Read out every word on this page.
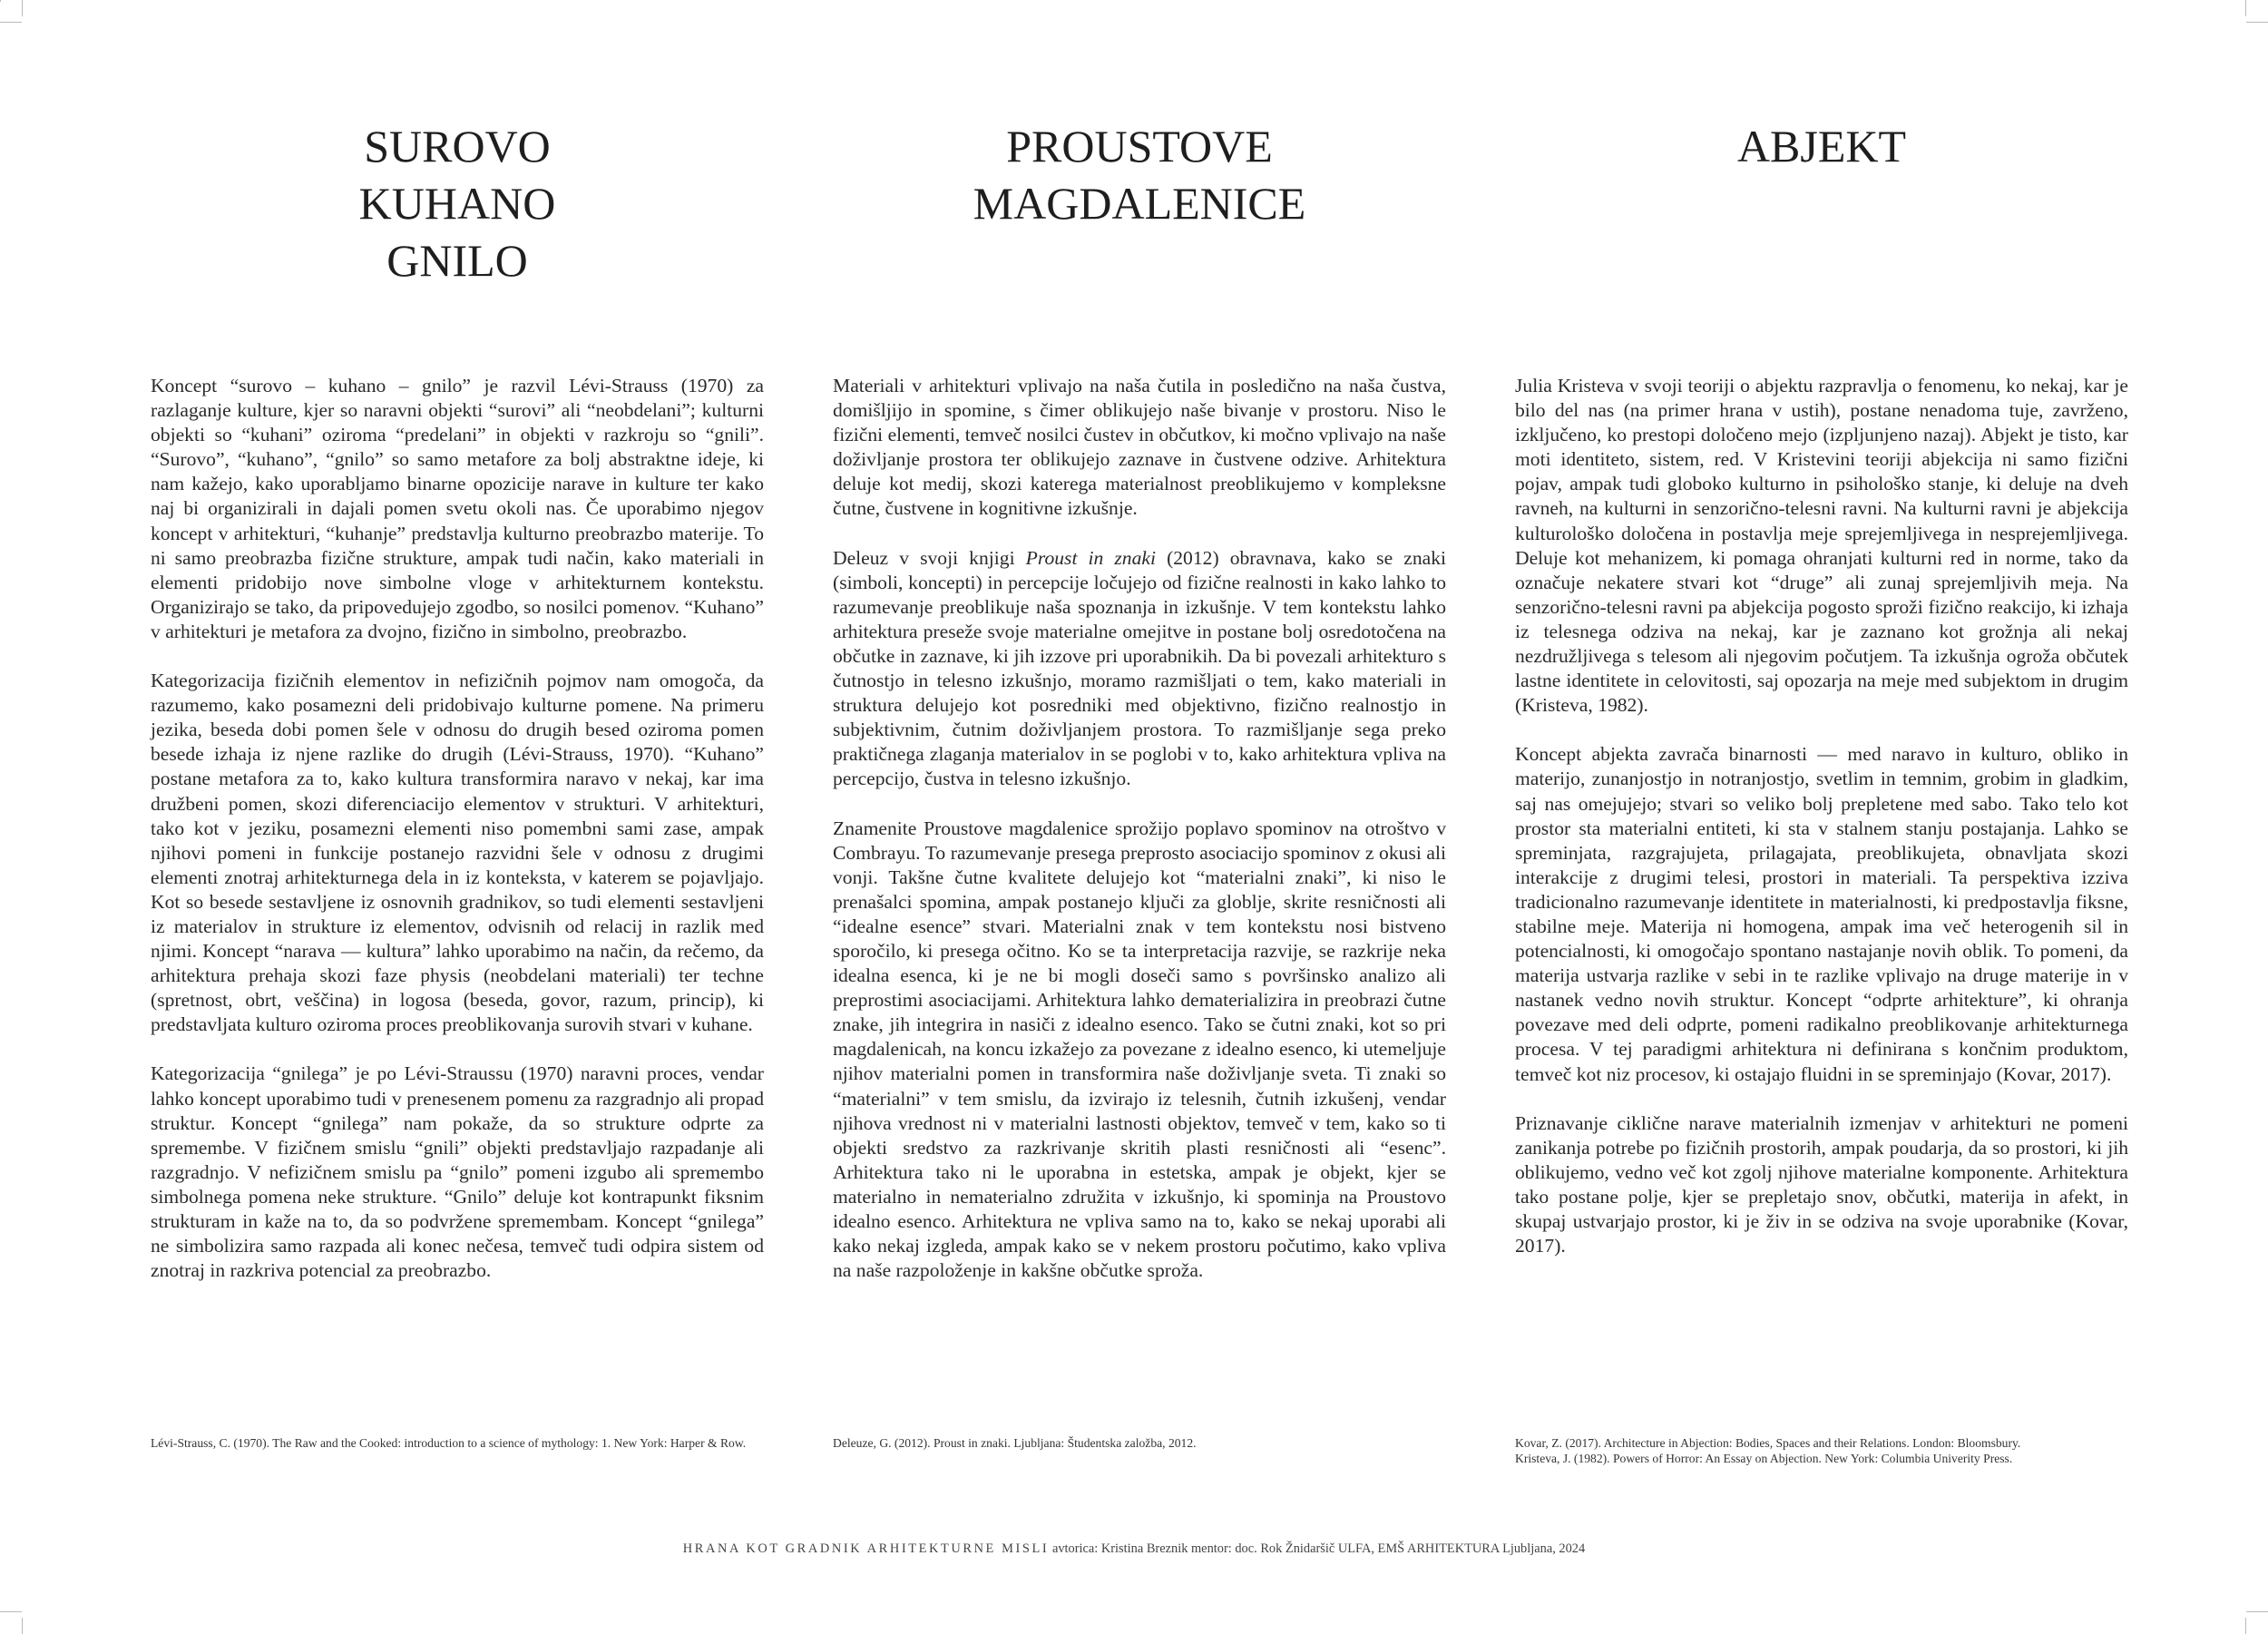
SUROVO
KUHANO
GNILO

Koncept “surovo – kuhano – gnilo” je razvil Lévi-Strauss (1970) za razlaganje kulture, kjer so naravni objekti “surovi” ali “neobdelani”; kulturni objekti so “kuhani” oziroma “predelani” in objekti v razkroju so “gnili”. “Surovo”, “kuhano”, “gnilo” so samo metafore za bolj abstraktne ideje, ki nam kažejo, kako uporabljamo binarne opozicije narave in kulture ter kako naj bi organizirali in dajali pomen svetu okoli nas. Če uporabimo njegov koncept v arhitekturi, “kuhanje” predstavlja kulturno preobrazbo materije. To ni samo preobrazba fizične strukture, ampak tudi način, kako materiali in elementi pridobijo nove simbolne vloge v arhitekturnem kontekstu. Organizirajo se tako, da pripovedujejo zgodbo, so nosilci pomenov. “Kuhano” v arhitekturi je metafora za dvojno, fizično in simbolno, preobrazbo.

Kategorizacija fizičnih elementov in nefizičnih pojmov nam omogoča, da razumemo, kako posamezni deli pridobivajo kulturne pomene. Na primeru jezika, beseda dobi pomen šele v odnosu do drugih besed oziroma pomen besede izhaja iz njene razlike do drugih (Lévi-Strauss, 1970). “Kuhano” postane metafora za to, kako kultura transformira naravo v nekaj, kar ima družbeni pomen, skozi diferenciacijo elementov v strukturi. V arhitekturi, tako kot v jeziku, posamezni elementi niso pomembni sami zase, ampak njihovi pomeni in funkcije postanejo razvidni šele v odnosu z drugimi elementi znotraj arhitekturnega dela in iz konteksta, v katerem se pojavljajo. Kot so besede sestavljene iz osnovnih gradnikov, so tudi elementi sestavljeni iz materialov in strukture iz elementov, odvisnih od relacij in razlik med njimi. Koncept “narava — kultura” lahko uporabimo na način, da rečemo, da arhitektura prehaja skozi faze physis (neobdelani materiali) ter techne (spretnost, obrt, veščina) in logosa (beseda, govor, razum, princip), ki predstavljata kulturo oziroma proces preoblikovanja surovih stvari v kuhane.

Kategorizacija “gnilega” je po Lévi-Straussu (1970) naravni proces, vendar lahko koncept uporabimo tudi v prenesenem pomenu za razgradnjo ali propad struktur. Koncept “gnilega” nam pokaže, da so strukture odprte za spremembe. V fizičnem smislu “gnili” objekti predstavljajo razpadanje ali razgradnjo. V nefizičnem smislu pa “gnilo” pomeni izgubo ali spremembo simbolnega pomena neke strukture. “Gnilo” deluje kot kontrapunkt fiksnim strukturam in kaže na to, da so podvržene spremembam. Koncept “gnilega” ne simbolizira samo razpada ali konec nečesa, temveč tudi odpira sistem od znotraj in razkriva potencial za preobrazbo.

Lévi-Strauss, C. (1970). The Raw and the Cooked: introduction to a science of mythology: 1. New York: Harper & Row.

PROUSTOVE
MAGDALENICE

Materiali v arhitekturi vplivajo na naša čutila in posledično na naša čustva, domišljijo in spomine, s čimer oblikujejo naše bivanje v prostoru. Niso le fizični elementi, temveč nosilci čustev in občutkov, ki močno vplivajo na naše doživljanje prostora ter oblikujejo zaznave in čustvene odzive. Arhitektura deluje kot medij, skozi katerega materialnost preoblikujemo v kompleksne čutne, čustvene in kognitivne izkušnje.

Deleuz v svoji knjigi Proust in znaki (2012) obravnava, kako se znaki (simboli, koncepti) in percepcije ločujejo od fizične realnosti in kako lahko to razumevanje preoblikuje naša spoznanja in izkušnje. V tem kontekstu lahko arhitektura preseže svoje materialne omejitve in postane bolj osredotočena na občutke in zaznave, ki jih izzove pri uporabnikih. Da bi povezali arhitekturo s čutnostjo in telesno izkušnjo, moramo razmišljati o tem, kako materiali in struktura delujejo kot posredniki med objektivno, fizično realnostjo in subjektivnim, čutnim doživljanjem prostora. To razmišljanje sega preko praktičnega zlaganja materialov in se poglobi v to, kako arhitektura vpliva na percepcijo, čustva in telesno izkušnjo.

Znamenite Proustove magdalenice sprožijo poplavo spominov na otroštvo v Combrayu. To razumevanje presega preprosto asociacijo spominov z okusi ali vonji. Takšne čutne kvalitete delujejo kot “materialni znaki”, ki niso le prenašalci spomina, ampak postanejo ključi za globlje, skrite resničnosti ali “idealne esence” stvari. Materialni znak v tem kontekstu nosi bistveno sporočilo, ki presega očitno. Ko se ta interpretacija razvije, se razkrije neka idealna esenca, ki je ne bi mogli doseči samo s površinsko analizo ali preprostimi asociacijami. Arhitektura lahko dematerializira in preobrazi čutne znake, jih integrira in nasiči z idealno esenco. Tako se čutni znaki, kot so pri magdalenicah, na koncu izkažejo za povezane z idealno esenco, ki utemeljuje njihov materialni pomen in transformira naše doživljanje sveta. Ti znaki so “materialni” v tem smislu, da izvirajo iz telesnih, čutnih izkušenj, vendar njihova vrednost ni v materialni lastnosti objektov, temveč v tem, kako so ti objekti sredstvo za razkrivanje skritih plasti resničnosti ali “esenc”. Arhitektura tako ni le uporabna in estetska, ampak je objekt, kjer se materialno in nematerialno združita v izkušnjo, ki spominja na Proustovo idealno esenco. Arhitektura ne vpliva samo na to, kako se nekaj uporabi ali kako nekaj izgleda, ampak kako se v nekem prostoru počutimo, kako vpliva na naše razpoloženje in kakšne občutke sproža.

Deleuze, G. (2012). Proust in znaki. Ljubljana: Študentska založba, 2012.

ABJEKT

Julia Kristeva v svoji teoriji o abjektu razpravlja o fenomenu, ko nekaj, kar je bilo del nas (na primer hrana v ustih), postane nenadoma tuje, zavrženo, izključeno, ko prestopi določeno mejo (izpljunjeno nazaj). Abjekt je tisto, kar moti identiteto, sistem, red. V Kristevini teoriji abjekcija ni samo fizični pojav, ampak tudi globoko kulturno in psihološko stanje, ki deluje na dveh ravneh, na kulturni in senzorično-telesni ravni. Na kulturni ravni je abjekcija kulturološko določena in postavlja meje sprejemljivega in nesprejemljivega. Deluje kot mehanizem, ki pomaga ohranjati kulturni red in norme, tako da označuje nekatere stvari kot “druge” ali zunaj sprejemljivih meja. Na senzorično-telesni ravni pa abjekcija pogosto sproži fizično reakcijo, ki izhaja iz telesnega odziva na nekaj, kar je zaznano kot grožnja ali nekaj nezdružljivega s telesom ali njegovim počutjem. Ta izkušnja ogroža občutek lastne identitete in celovitosti, saj opozarja na meje med subjektom in drugim (Kristeva, 1982).

Koncept abjekta zavrača binarnosti — med naravo in kulturo, obliko in materijo, zunanjostjo in notranjostjo, svetlim in temnim, grobim in gladkim, saj nas omejujejo; stvari so veliko bolj prepletene med sabo. Tako telo kot prostor sta materialni entiteti, ki sta v stalnem stanju postajanja. Lahko se spreminjata, razgrajujeta, prilagajata, preoblikujeta, obnavljata skozi interakcije z drugimi telesi, prostori in materiali. Ta perspektiva izziva tradicionalno razumevanje identitete in materialnosti, ki predpostavlja fiksne, stabilne meje. Materija ni homogena, ampak ima več heterogenih sil in potencialnosti, ki omogočajo spontano nastajanje novih oblik. To pomeni, da materija ustvarja razlike v sebi in te razlike vplivajo na druge materije in v nastanek vedno novih struktur. Koncept “odprte arhitekture”, ki ohranja povezave med deli odprte, pomeni radikalno preoblikovanje arhitekturnega procesa. V tej paradigmi arhitektura ni definirana s končnim produktom, temveč kot niz procesov, ki ostajajo fluidni in se spreminjajo (Kovar, 2017).

Priznavanje ciklične narave materialnih izmenjav v arhitekturi ne pomeni zanikanja potrebe po fizičnih prostorih, ampak poudarja, da so prostori, ki jih oblikujemo, vedno več kot zgolj njihove materialne komponente. Arhitektura tako postane polje, kjer se prepletajo snov, občutki, materija in afekt, in skupaj ustvarjajo prostor, ki je živ in se odziva na svoje uporabnike (Kovar, 2017).

Kovar, Z. (2017). Architecture in Abjection: Bodies, Spaces and their Relations. London: Bloomsbury.

Kristeva, J. (1982). Powers of Horror: An Essay on Abjection. New York: Columbia Univerity Press.

HRANA KOT GRADNIK ARHITEKTURNE MISLI avtorica: Kristina Breznik mentor: doc. Rok Žnidaršič ULFA, EMŠ ARHITEKTURA Ljubljana, 2024
